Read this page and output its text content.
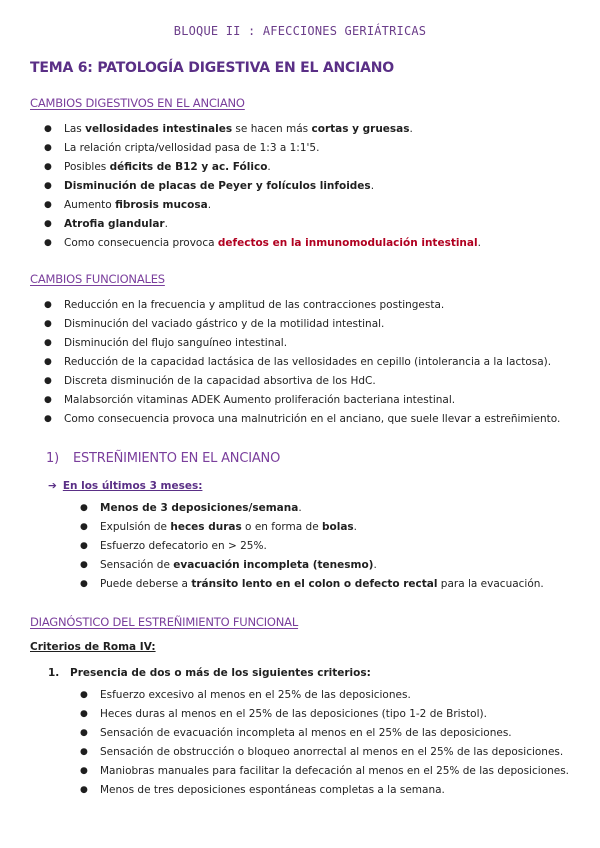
BLOQUE II : AFECCIONES GERIÁTRICAS
TEMA 6: PATOLOGÍA DIGESTIVA EN EL ANCIANO
CAMBIOS DIGESTIVOS EN EL ANCIANO
● Las vellosidades intestinales se hacen más cortas y gruesas.
● La relación cripta/vellosidad pasa de 1:3 a 1:1'5.
● Posibles déficits de B12 y ac. Fólico.
● Disminución de placas de Peyer y folículos linfoides.
● Aumento fibrosis mucosa.
● Atrofia glandular.
● Como consecuencia provoca defectos en la inmunomodulación intestinal.
CAMBIOS FUNCIONALES
● Reducción en la frecuencia y amplitud de las contracciones postingesta.
● Disminución del vaciado gástrico y de la motilidad intestinal.
● Disminución del flujo sanguíneo intestinal.
● Reducción de la capacidad lactásica de las vellosidades en cepillo (intolerancia a la lactosa).
● Discreta disminución de la capacidad absortiva de los HdC.
● Malabsorción vitaminas ADEK Aumento proliferación bacteriana intestinal.
● Como consecuencia provoca una malnutrición en el anciano, que suele llevar a estreñimiento.
1) ESTREÑIMIENTO EN EL ANCIANO
➔ En los últimos 3 meses:
● Menos de 3 deposiciones/semana.
● Expulsión de heces duras o en forma de bolas.
● Esfuerzo defecatorio en > 25%.
● Sensación de evacuación incompleta (tenesmo).
● Puede deberse a tránsito lento en el colon o defecto rectal para la evacuación.
DIAGNÓSTICO DEL ESTREÑIMIENTO FUNCIONAL
Criterios de Roma IV:
1. Presencia de dos o más de los siguientes criterios:
● Esfuerzo excesivo al menos en el 25% de las deposiciones.
● Heces duras al menos en el 25% de las deposiciones (tipo 1-2 de Bristol).
● Sensación de evacuación incompleta al menos en el 25% de las deposiciones.
● Sensación de obstrucción o bloqueo anorrectal al menos en el 25% de las deposiciones.
● Maniobras manuales para facilitar la defecación al menos en el 25% de las deposiciones.
● Menos de tres deposiciones espontáneas completas a la semana.
